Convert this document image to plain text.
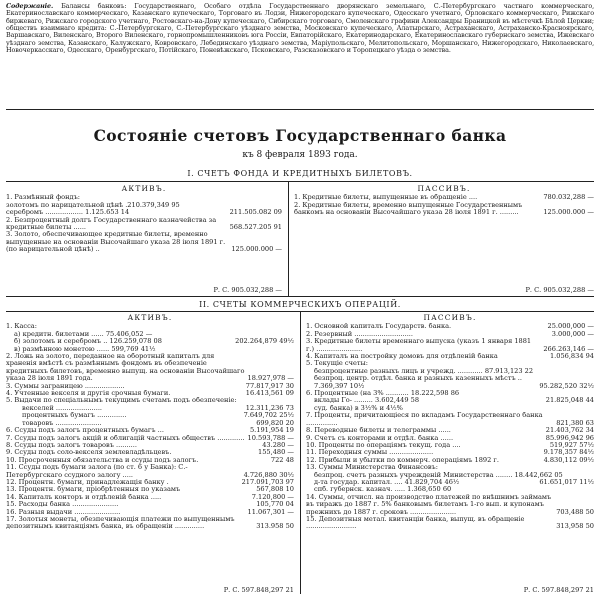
Содержаніе. Балансы банковъ: Государственнаго, Особаго отдѣла Государственнаго дворянскаго земельнаго, С.-Петербургскаго частнаго коммерческаго, Екатеринославскаго коммерческаго, Казанскаго купеческаго, Торговаго въ Лодзи, Нижегородскаго купеческаго, Одесскаго учетнаго, Орловскаго коммерческаго, Рижскаго биржеваго, Рижскаго городского учетнаго, Ростовскаго-на-Дону купеческаго, Сибирскаго торговаго, Смоленскаго графини Александры Браницкой въ мѣстечкѣ Бѣлой Церкви; обществъ взаимнаго кредита: С.-Петербургскаго, С.-Петербургскаго уѣзднаго земства, Московскаго купеческаго, Алатырскаго, Астраханскаго, Астраханско-Красноярскаго, Варшавскаго, Виленскаго, Второго Виленскаго, горнопромышленниковъ юга Россіи, Евпаторійскаго, Екатеринодарскаго, Екатеринославскаго губернскаго земства, Ижевскаго уѣзднаго земства, Казанскаго, Калужскаго, Ковровскаго, Лебединскаго уѣзднаго земства, Маріупольскаго, Мелитопольскаго, Моршанскаго, Нижегородскаго, Николаевскаго, Новочеркасскаго, Одесскаго, Оренбургскаго, Потійскаго, Поневѣжскаго, Псковскаго, Разсказовскаго и Торопецкаго уѣзда о земства.
Состояніе счетовъ Государственнаго банка
къ 8 февраля 1893 года.
I. СЧЕТЪ ФОНДА И КРЕДИТНЫХЪ БИЛЕТОВЪ.
АКТИВЪ.
1. Размѣнный фондъ:
золотомъ по нарицательной цѣнѣ .210.379,349 95
серебромъ .................. 1.125.653 14	211.505.082 09
2. Безпроцентный долгъ Государственнаго казначейства за кредитные билеты ......	568.527.205 91
3. Золото, обеспечивающее кредитные билеты, временно выпущенные на основаніи Высочайшаго указа 28 іюля 1891 г. (по нарицательной цѣнѣ) ..	125.000.000 —
Р. С. 905.032,288 —
ПАССИВЪ.
1. Кредитные билеты, выпущенные въ обращеніе ....	780.032,288 —
2. Кредитные билеты, временно выпущенные Государственнымъ банкомъ на основаніи Высочайшаго указа 28 іюля 1891 г. .........	125.000.000 —
Р. С. 905.032,288 —
II. СЧЕТЫ КОММЕРЧЕСКИХЪ ОПЕРАЦІЙ.
АКТИВЪ.
1. Касса:
а) кредитн. билетами ...... 75.406,052 —
б) золотомъ и серебромъ .. 126.259,078 08	202.264,879 49½
в) размѣнною монетою ...... 599,769 41½
2. Ложь на золото, переданное на оборотный капиталъ для храненія вмѣстѣ съ размѣннымъ фондомъ въ обезпеченіе кредитныхъ билетовъ, временно выпущ. на основаніи Высочайшаго указа 28 іюля 1891 года.	18.927,978 —
3. Суммы заграницею ...................	77.817,917 30
4. Учтенные векселя и другія срочныя бумаги.	16.413,561 09
5. Выдачи по спеціальнымъ текущимъ счетамъ подъ обезпеченіе:
векселей ......................	12.311,236 73
процентныхъ бумагъ ..............	7.649,702 25½
товаровъ ......................	699,820 20
6. Ссуды подъ залогъ процентныхъ бумагъ ...	5.191,954 19
7. Ссуды подъ залогъ акцій и облигацій частныхъ обществъ ............. 10.593,788 —
8. Ссуды подъ залогъ товаровъ ..........	43.280 —
9. Ссуды подъ соло-векселя землевладѣльцевъ.	155,480 —
10. Просроченныя обязательства и ссуды подъ залогъ.	722 48
11. Ссуды подъ бумаги залога (по ст. 6 у Банка): С.-Петербургскаго ссудного залогу .....	4.726,880 30½
12. Процентн. бумаги, принадлежащія банку .	217.091,703 97
13. Процентн. бумаги, пріобрѣтенныя по указамъ	567,808 10
14. Капиталъ конторъ и отдѣленій банка .....	7.120,800 —
15. Расходы банка ......................	105,770 04
16. Разныя выдачи ......................	11.067,301 —
17. Золотыя монеты, обезпечивающія платежи по выпущеннымъ депозитнымъ квитанціямъ банка, въ обращеніи ..............	313.958 50
Р. С. 597.848,297 21
ПАССИВЪ.
1. Основной капиталъ Государств. банка.	25.000,000 —
2. Резервный ............................	3.000,000 —
3. Кредитные билеты временнаго выпуска (указъ 1 января 1881 г.) ......................	266.263,146 —
4. Капиталъ на постройку домовъ для отдѣленій банка	1.056,834 94
5. Текущіе счеты:
безпроцентные разныхъ лицъ и учрежд. ............ 87.913,123 22
безпроц. центр. отдѣл. банка и разныхъ казенныхъ мѣстъ .. 7.369,397 10½	95.282,520 32½
6. Процентные (на 3% ........... 18.222,598 86
вклады Го- ......... 3.602,449 58	21.825,048 44
суд. банка) в 3½% и 4½%
7. Проценты, причитающіеся по вкладамъ Государственнаго банка ...............	821,380 63
8. Переводные билеты и телеграммы ......	21.403,762 34
9. Счетъ съ конторами и отдѣл. банка ......	85.996,942 96
10. Проценты по операціямъ текущ. года ....	519,927 57½
11. Переходныя суммы .....................	9.178,357 84½
12. Прибыли и убытки по коммерч. операціямъ 1892 г.	4.830,112 09½
13. Суммы Министерства Финансовъ:
безпроц. счетъ разныхъ учрежденій Министерства ........ 18.442,662 05
д-та государ. капитал. .... 41.829,704 46½	61.651,017 11½
спб. губернск. казнач. ..... 1.368,650 60
14. Суммы, отчисл. на производство платежей по внѣшнимъ займамъ въ тиражъ до 1887 г. 5% банковымъ билетамъ 1-го вып. и купонамъ прежнихъ до 1887 г. сроковъ ......................	703,488 50
15. Депозитныя метал. квитанціи банка, выпущ. въ обращеніе ........................	313,958 50
Р. С. 597.848,297 21
